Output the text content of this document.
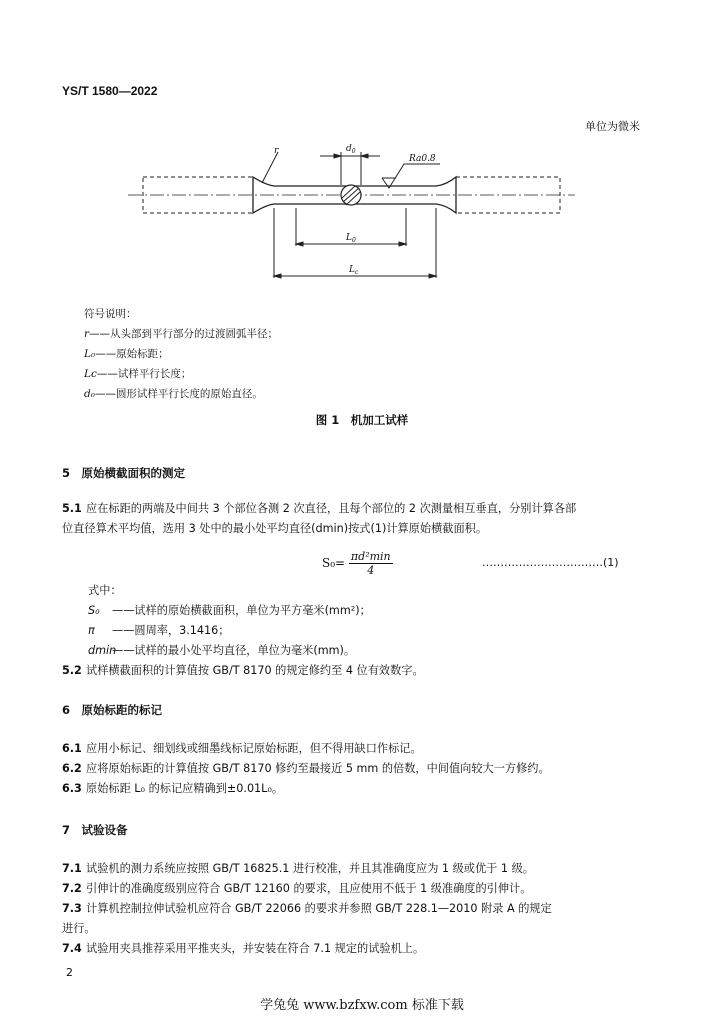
YS/T 1580—2022
单位为微米
r	$d_0$
Ra0.8
$L_0$
$L_c$
符号说明：
r——从头部到平行部分的过渡圆弧半径；
L₀——原始标距；
Lc——试样平行长度；
d₀——圆形试样平行长度的原始直径。
图 1　机加工试样
5　原始横截面积的测定
5.1 应在标距的两端及中间共 3 个部位各测 2 次直径，且每个部位的 2 次测量相互垂直，分别计算各部
位直径算术平均值，选用 3 处中的最小处平均直径(dmin)按式(1)计算原始横截面积。
S₀= πd²min
4
……………………………(1)
式中：
S₀ ——试样的原始横截面积，单位为平方毫米(mm²)；
π ——圆周率，3.1416；
dmin——试样的最小处平均直径，单位为毫米(mm)。
5.2 试样横截面积的计算值按 GB/T 8170 的规定修约至 4 位有效数字。
6　原始标距的标记
6.1 应用小标记、细划线或细墨线标记原始标距，但不得用缺口作标记。
6.2 应将原始标距的计算值按 GB/T 8170 修约至最接近 5 mm 的倍数，中间值向较大一方修约。
6.3 原始标距 L₀ 的标记应精确到±0.01L₀。
7　试验设备
7.1 试验机的测力系统应按照 GB/T 16825.1 进行校准，并且其准确度应为 1 级或优于 1 级。
7.2 引伸计的准确度级别应符合 GB/T 12160 的要求，且应使用不低于 1 级准确度的引伸计。
7.3 计算机控制拉伸试验机应符合 GB/T 22066 的要求并参照 GB/T 228.1—2010 附录 A 的规定
进行。
7.4 试验用夹具推荐采用平推夹头，并安装在符合 7.1 规定的试验机上。
2
学兔兔 www.bzfxw.com 标准下载
